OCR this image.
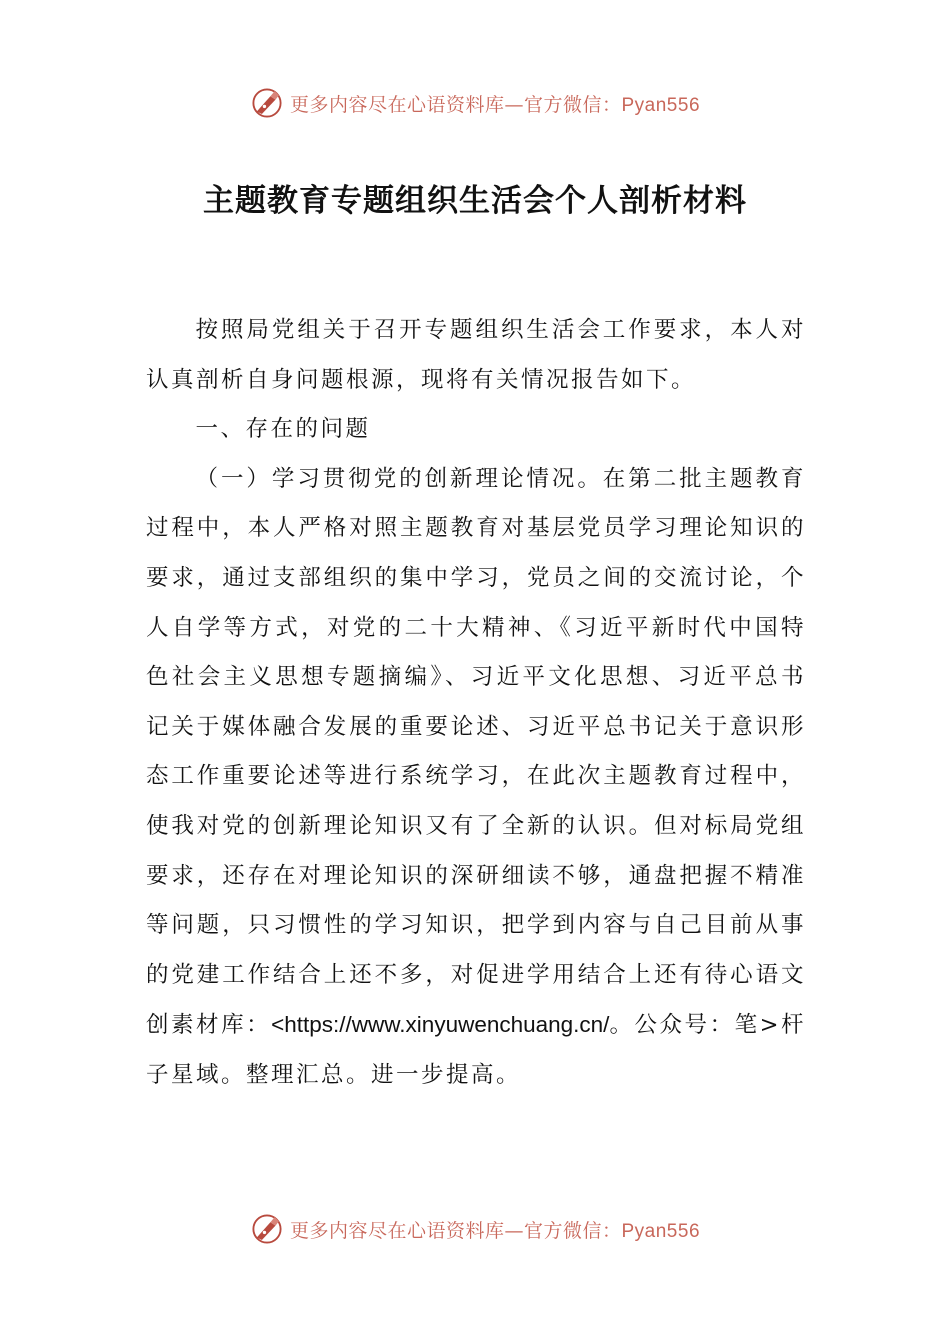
更多内容尽在心语资料库—官方微信：Pyan556
主题教育专题组织生活会个人剖析材料

按照局党组关于召开专题组织生活会工作要求，本人对认真剖析自身问题根源，现将有关情况报告如下。

一、存在的问题

（一）学习贯彻党的创新理论情况。在第二批主题教育过程中，本人严格对照主题教育对基层党员学习理论知识的要求，通过支部组织的集中学习，党员之间的交流讨论，个人自学等方式，对党的二十大精神、《习近平新时代中国特色社会主义思想专题摘编》、习近平文化思想、习近平总书记关于媒体融合发展的重要论述、习近平总书记关于意识形态工作重要论述等进行系统学习，在此次主题教育过程中，使我对党的创新理论知识又有了全新的认识。但对标局党组要求，还存在对理论知识的深研细读不够，通盘把握不精准等问题，只习惯性的学习知识，把学到内容与自己目前从事的党建工作结合上还不多，对促进学用结合上还有待心语文创素材库：<https://www.xinyuwenchuang.cn/。公众号：笔>杆子星域。整理汇总。进一步提高。

更多内容尽在心语资料库—官方微信：Pyan556
